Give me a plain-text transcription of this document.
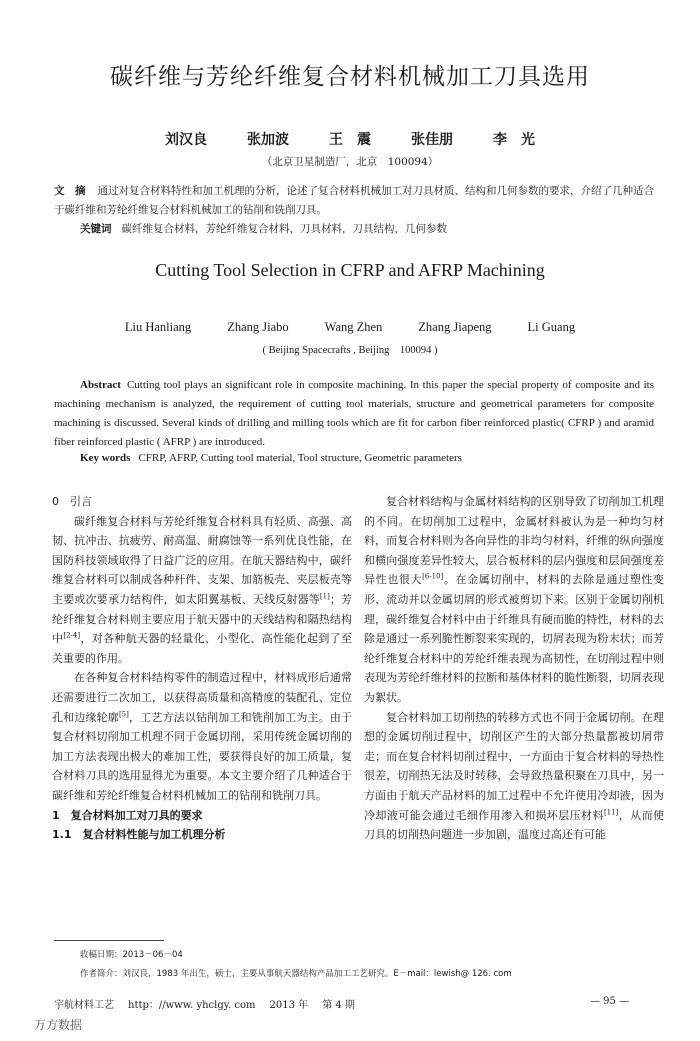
碳纤维与芳纶纤维复合材料机械加工刀具选用
刘汉良	张加波	王　震	张佳朋	李　光
（北京卫星制造厂，北京　100094）
文　摘 通过对复合材料特性和加工机理的分析，论述了复合材料机械加工对刀具材质、结构和几何参数的要求，介绍了几种适合于碳纤维和芳纶纤维复合材料机械加工的钻削和铣削刀具。
关键词 碳纤维复合材料，芳纶纤维复合材料，刀具材料，刀具结构，几何参数
Cutting Tool Selection in CFRP and AFRP Machining
Liu Hanliang	Zhang Jiabo	Wang Zhen	Zhang Jiapeng	Li Guang
( Beijing Spacecrafts , Beijing　100094 )
Abstract Cutting tool plays an significant role in composite machining. In this paper the special property of composite and its machining mechanism is analyzed, the requirement of cutting tool materials, structure and geometrical parameters for composite machining is discussed. Several kinds of drilling and milling tools which are fit for carbon fiber reinforced plastic( CFRP ) and aramid fiber reinforced plastic ( AFRP ) are introduced.
Key words CFRP, AFRP, Cutting tool material, Tool structure, Geometric parameters
0　引言

碳纤维复合材料与芳纶纤维复合材料具有轻质、高强、高韧、抗冲击、抗疲劳、耐高温、耐腐蚀等一系列优良性能，在国防科技领域取得了日益广泛的应用。在航天器结构中，碳纤维复合材料可以制成各种杆件、支架、加筋板壳、夹层板壳等主要或次要承力结构件，如太阳翼基板、天线反射器等[1]；芳纶纤维复合材料则主要应用于航天器中的天线结构和隔热结构中[2-4]，对各种航天器的轻量化、小型化、高性能化起到了至关重要的作用。

在各种复合材料结构零件的制造过程中，材料成形后通常还需要进行二次加工，以获得高质量和高精度的装配孔、定位孔和边缘轮廓[5]，工艺方法以钻削加工和铣削加工为主。由于复合材料切削加工机理不同于金属切削，采用传统金属切削的加工方法表现出极大的难加工性，要获得良好的加工质量，复合材料刀具的选用显得尤为重要。本文主要介绍了几种适合于碳纤维和芳纶纤维复合材料机械加工的钻削和铣削刀具。

1　复合材料加工对刀具的要求
1.1　复合材料性能与加工机理分析

复合材料结构与金属材料结构的区别导致了切削加工机理的不同。在切削加工过程中，金属材料被认为是一种均匀材料，而复合材料则为各向异性的非均匀材料，纤维的纵向强度和横向强度差异性较大，层合板材料的层内强度和层间强度差异性也很大[6-10]。在金属切削中，材料的去除是通过塑性变形、流动并以金属切屑的形式被剪切下来。区别于金属切削机理，碳纤维复合材料中由于纤维具有硬而脆的特性，材料的去除是通过一系列脆性断裂来实现的，切屑表现为粉末状；而芳纶纤维复合材料中的芳纶纤维表现为高韧性，在切削过程中则表现为芳纶纤维材料的拉断和基体材料的脆性断裂，切屑表现为絮状。

复合材料加工切削热的转移方式也不同于金属切削。在理想的金属切削过程中，切削区产生的大部分热量都被切屑带走；而在复合材料切削过程中，一方面由于复合材料的导热性很差，切削热无法及时转移，会导致热量积聚在刀具中，另一方面由于航天产品材料的加工过程中不允许使用冷却液，因为冷却液可能会通过毛细作用渗入和损坏层压材料[11]，从而使刀具的切削热问题进一步加剧，温度过高还有可能

收稿日期：2013－06－04
作者简介：刘汉良，1983 年出生，硕士，主要从事航天器结构产品加工工艺研究。E－mail：lewish@ 126. com
宇航材料工艺 http：//www. yhclgy. com 2013 年 第 4 期	— 95 —
万方数据
